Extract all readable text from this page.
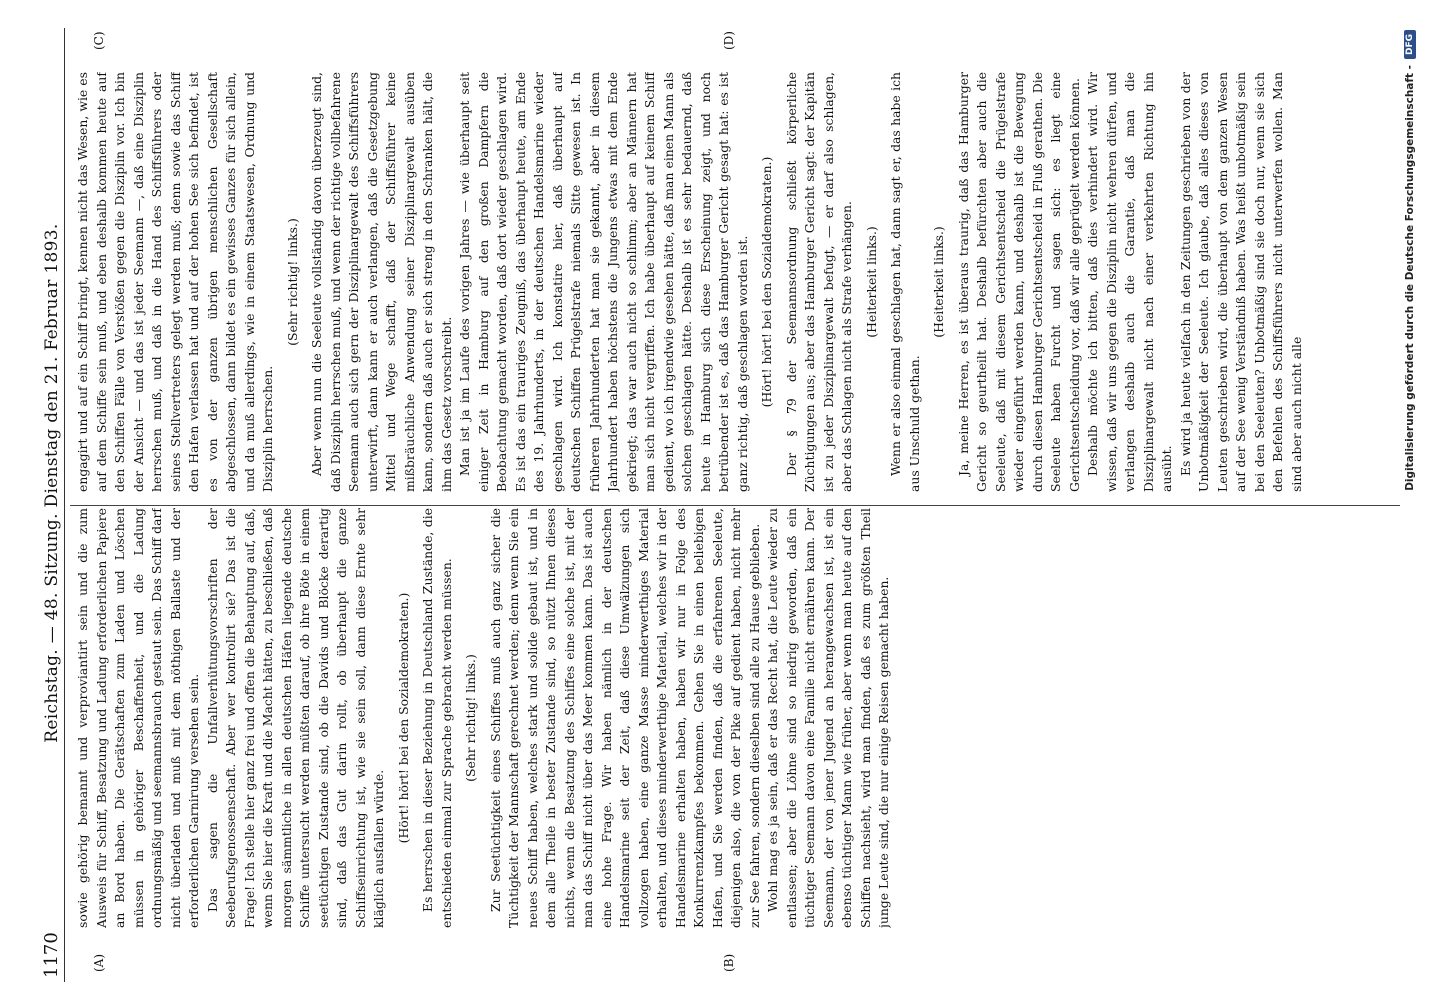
1170
Reichstag. — 48. Sitzung. Dienstag den 21. Februar 1893.
(A)	(B)
(C)	(D)

sowie gehörig bemannt und verproviantirt sein und die zum Ausweis für Schiff, Besatzung und Ladung erforderlichen Papiere an Bord haben. Die Gerätschaften zum Laden und Löschen müssen in gehöriger Beschaffenheit, und die Ladung ordnungsmäßig und seemannsbrauch gestaut sein. Das Schiff darf nicht überladen und muß mit dem nöthigen Ballaste und der erforderlichen Garnirung versehen sein. Das sagen die Unfallverhütungsvorschriften der Seeberufsgenossenschaft. Aber wer kontrolirt sie? Das ist die Frage! Ich stelle hier ganz frei und offen die Behauptung auf, daß, wenn Sie hier die Kraft und die Macht hätten, zu beschließen, daß morgen sämmtliche in allen deutschen Häfen liegende deutsche Schiffe untersucht werden müßten darauf, ob ihre Böte in einem seetüchtigen Zustande sind, ob die Davids und Blöcke derartig sind, daß das Gut darin rollt, ob überhaupt die ganze Schiffseinrichtung ist, wie sie sein soll, dann diese Ernte sehr kläglich ausfallen würde.

(Hört! hört! bei den Sozialdemokraten.) Es herrschen in dieser Beziehung in Deutschland Zustände, die entschieden einmal zur Sprache gebracht werden müssen. (Sehr richtig! links.) Zur Seetüchtigkeit eines Schiffes muß auch ganz sicher die Tüchtigkeit der Mannschaft gerechnet werden; denn wenn Sie ein neues Schiff haben, welches stark und solide gebaut ist, und in dem alle Theile in bester Zustande sind, so nützt Ihnen dieses nichts, wenn die Besatzung des Schiffes eine solche ist, mit der man das Schiff nicht über das Meer kommen kann. Das ist auch eine hohe Frage. Wir haben nämlich in der deutschen Handelsmarine seit der Zeit, daß diese Umwälzungen sich vollzogen haben, eine ganze Masse minderwerthiges Material erhalten, und dieses minderwerthige Material, welches wir in der Handelsmarine erhalten haben, haben wir nur in Folge des Konkurrenzkampfes bekommen. Gehen Sie in einen beliebigen Hafen, und Sie werden finden, daß die erfahrenen Seeleute, diejenigen also, die von der Pike auf gedient haben, nicht mehr zur See fahren, sondern dieselben sind alle zu Hause geblieben. Wohl mag es ja sein, daß er das Recht hat, die Leute wieder zu entlassen; aber die Löhne sind so niedrig geworden, daß ein tüchtiger Seemann davon eine Familie nicht ernähren kann. Der Seemann, der von jener Jugend an herangewachsen ist, ist ein ebenso tüchtiger Mann wie früher, aber wenn man heute auf den Schiffen nachsieht, wird man finden, daß es zum größten Theil junge Leute sind, die nur einige Reisen gemacht haben.

engagirt und auf ein Schiff bringt, kennen nicht das Wesen, wie es auf dem Schiffe sein muß, und eben deshalb kommen heute auf den Schiffen Fälle von Verstößen gegen die Disziplin vor. Ich bin der Ansicht — und das ist jeder Seemann —, daß eine Disziplin herrschen muß, und daß in die Hand des Schiffsführers oder seines Stellvertreters gelegt werden muß; denn sowie das Schiff den Hafen verlassen hat und auf der hohen See sich befindet, ist es von der ganzen übrigen menschlichen Gesellschaft abgeschlossen, dann bildet es ein gewisses Ganzes für sich allein, und da muß allerdings, wie in einem Staatswesen, Ordnung und Disziplin herrschen.

(Sehr richtig! links.) Aber wenn nun die Seeleute vollständig davon überzeugt sind, daß Disziplin herrschen muß, und wenn der richtige vollbefahrene Seemann auch sich gern der Disziplinargewalt des Schiffsführers unterwirft, dann kann er auch verlangen, daß die Gesetzgebung Mittel und Wege schafft, daß der Schiffsführer keine mißbräuchliche Anwendung seiner Disziplinargewalt ausüben kann, sondern daß auch er sich streng in den Schranken hält, die ihm das Gesetz vorschreibt. Man ist ja im Laufe des vorigen Jahres — wie überhaupt seit einiger Zeit in Hamburg auf den großen Dampfern die Beobachtung gemacht worden, daß dort wieder geschlagen wird. Es ist das ein trauriges Zeugniß, das überhaupt heute, am Ende des 19. Jahrhunderts, in der deutschen Handelsmarine wieder geschlagen wird. Ich konstatire hier, daß überhaupt auf deutschen Schiffen Prügelstrafe niemals Sitte gewesen ist. In früheren Jahrhunderten hat man sie gekannt, aber in diesem Jahrhundert haben höchstens die Jungens etwas mit dem Ende gekriegt; das war auch nicht so schlimm; aber an Männern hat man sich nicht vergriffen. Ich habe überhaupt auf keinem Schiff gedient, wo ich irgendwie gesehen hätte, daß man einen Mann als solchen geschlagen hätte. Deshalb ist es sehr bedauernd, daß heute in Hamburg sich diese Erscheinung zeigt, und noch betrübender ist es, daß das Hamburger Gericht gesagt hat: es ist ganz richtig, daß geschlagen worden ist. (Hört! hört! bei den Sozialdemokraten.) Der § 79 der Seemannsordnung schließt körperliche Züchtigungen aus; aber das Hamburger Gericht sagt: der Kapitän ist zu jeder Disziplinargewalt befugt, — er darf also schlagen, aber das Schlagen nicht als Strafe verhängen. (Heiterkeit links.) Wenn er also einmal geschlagen hat, dann sagt er, das habe ich aus Unschuld gethan.

(Heiterkeit links.) Ja, meine Herren, es ist überaus traurig, daß das Hamburger Gericht so geurtheilt hat. Deshalb befürchten aber auch die Seeleute, daß mit diesem Gerichtsentscheid die Prügelstrafe wieder eingeführt werden kann, und deshalb ist die Bewegung durch diesen Hamburger Gerichtsentscheid in Fluß gerathen. Die Seeleute haben Furcht und sagen sich: es liegt eine Gerichtsentscheidung vor, daß wir alle geprügelt werden können. Deshalb möchte ich bitten, daß dies verhindert wird. Wir wissen, daß wir uns gegen die Disziplin nicht wehren dürfen, und verlangen deshalb auch die Garantie, daß man die Disziplinargewalt nicht nach einer verkehrten Richtung hin ausübt. Es wird ja heute vielfach in den Zeitungen geschrieben von der Unbotmäßigkeit der Seeleute. Ich glaube, daß alles dieses von Leuten geschrieben wird, die überhaupt von dem ganzen Wesen auf der See wenig Verständniß haben. Was heißt unbotmäßig sein bei den Seeleuten? Unbotmäßig sind sie doch nur, wenn sie sich den Befehlen des Schiffsführers nicht unterwerfen wollen. Man sind aber auch nicht alle	Digitalisierung gefördert durch die Deutsche Forschungsgemeinschaft -DFG
